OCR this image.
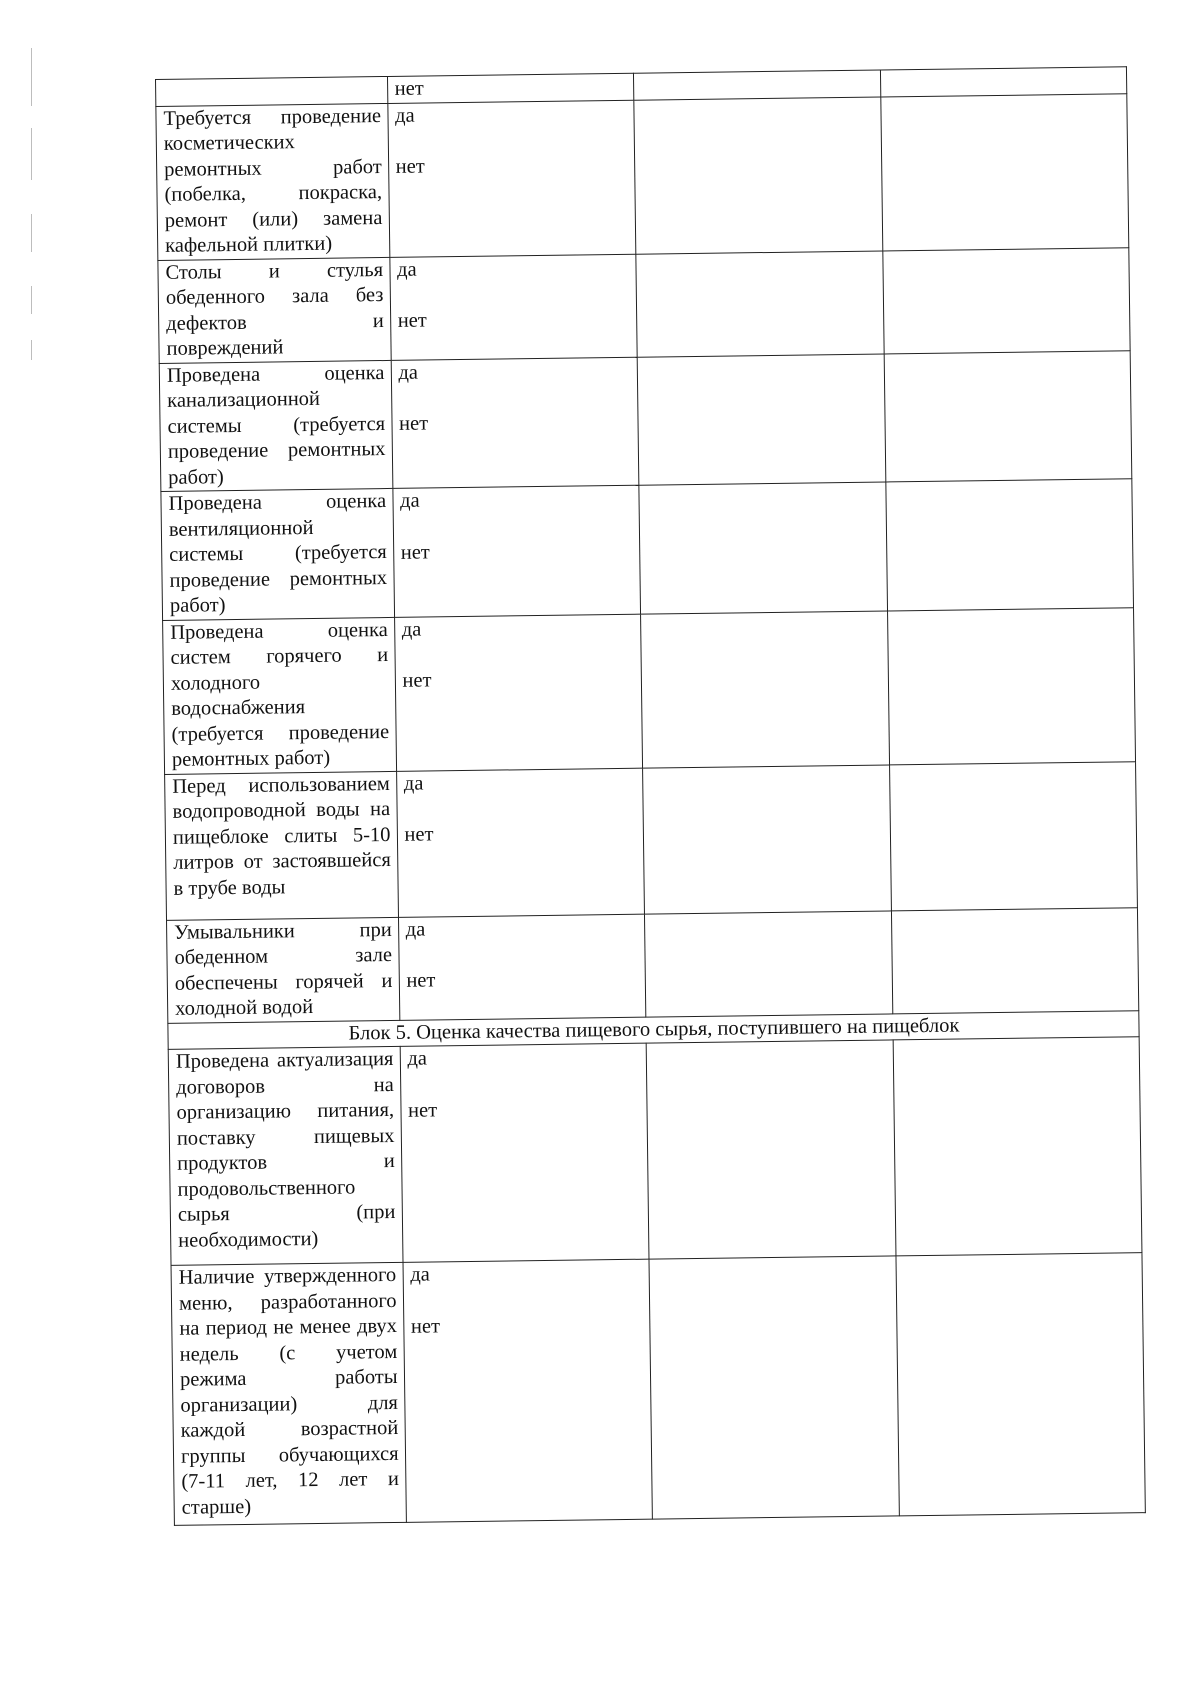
	нет		

Требуется проведение косметических ремонтных работ (побелка, покраска, ремонт (или) замена кафельной плитки)	да
нет		

Столы и стулья обеденного зала без дефектов и повреждений	да
нет		

Проведена оценка канализационной системы (требуется проведение ремонтных работ)	да
нет		

Проведена оценка вентиляционной системы (требуется проведение ремонтных работ)	да
нет		

Проведена оценка систем горячего и холодного водоснабжения (требуется проведение ремонтных работ)	да
нет		

Перед использованием водопроводной воды на пищеблоке слиты 5-10 литров от застоявшейся в трубе воды	да
нет		

Умывальники при обеденном зале обеспечены горячей и холодной водой	да
нет		

Блок 5. Оценка качества пищевого сырья, поступившего на пищеблок			
Проведена актуализация договоров на организацию питания, поставку пищевых продуктов и продовольственного сырья (при необходимости)	да
нет		

Наличие утвержденного меню, разработанного на период не менее двух недель (с учетом режима работы организации) для каждой возрастной группы обучающихся (7-11 лет, 12 лет и старше)	да
нет		
